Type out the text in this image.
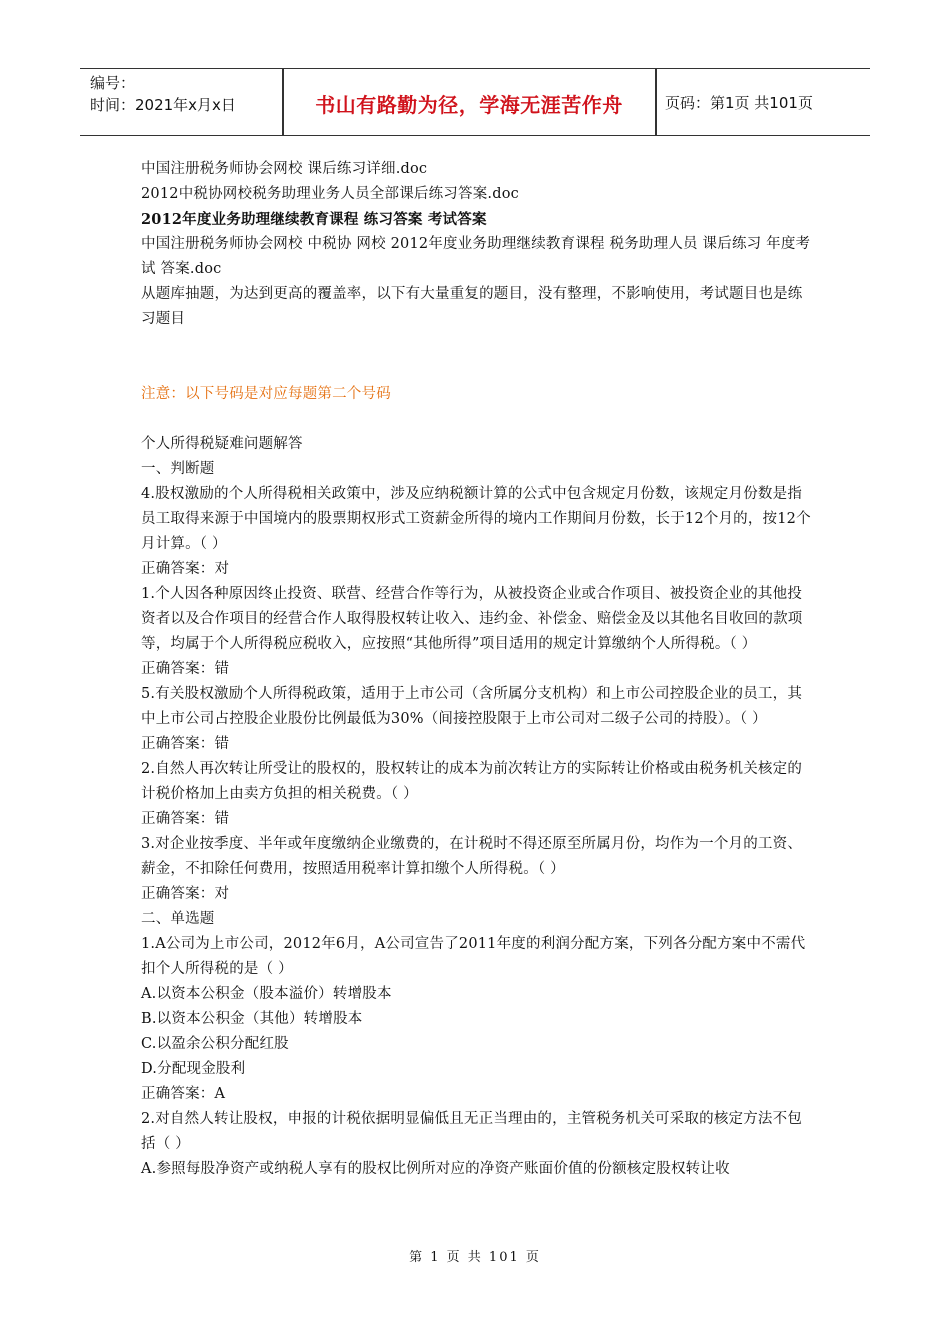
编号：
时间：2021年x月x日	书山有路勤为径，学海无涯苦作舟	页码：第1页 共101页

中国注册税务师协会网校 课后练习详细.doc

2012中税协网校税务助理业务人员全部课后练习答案.doc

2012年度业务助理继续教育课程 练习答案 考试答案

中国注册税务师协会网校 中税协 网校 2012年度业务助理继续教育课程 税务助理人员 课后练习 年度考试 答案.doc

从题库抽题，为达到更高的覆盖率，以下有大量重复的题目，没有整理，不影响使用，考试题目也是练习题目

注意：以下号码是对应每题第二个号码

个人所得税疑难问题解答

一、判断题

4.股权激励的个人所得税相关政策中，涉及应纳税额计算的公式中包含规定月份数，该规定月份数是指员工取得来源于中国境内的股票期权形式工资薪金所得的境内工作期间月份数，长于12个月的，按12个月计算。（ ）

正确答案：对

1.个人因各种原因终止投资、联营、经营合作等行为，从被投资企业或合作项目、被投资企业的其他投资者以及合作项目的经营合作人取得股权转让收入、违约金、补偿金、赔偿金及以其他名目收回的款项等，均属于个人所得税应税收入，应按照“其他所得”项目适用的规定计算缴纳个人所得税。（ ）

正确答案：错

5.有关股权激励个人所得税政策，适用于上市公司（含所属分支机构）和上市公司控股企业的员工，其中上市公司占控股企业股份比例最低为30%（间接控股限于上市公司对二级子公司的持股）。（ ）

正确答案：错

2.自然人再次转让所受让的股权的，股权转让的成本为前次转让方的实际转让价格或由税务机关核定的计税价格加上由卖方负担的相关税费。（ ）

正确答案：错

3.对企业按季度、半年或年度缴纳企业缴费的，在计税时不得还原至所属月份，均作为一个月的工资、薪金，不扣除任何费用，按照适用税率计算扣缴个人所得税。（ ）

正确答案：对

二、单选题

1.A公司为上市公司，2012年6月，A公司宣告了2011年度的利润分配方案，下列各分配方案中不需代扣个人所得税的是（ ）

A.以资本公积金（股本溢价）转增股本

B.以资本公积金（其他）转增股本

C.以盈余公积分配红股

D.分配现金股利

正确答案：A

2.对自然人转让股权，申报的计税依据明显偏低且无正当理由的，主管税务机关可采取的核定方法不包括（ ）

A.参照每股净资产或纳税人享有的股权比例所对应的净资产账面价值的份额核定股权转让收

第 1 页 共 101 页
